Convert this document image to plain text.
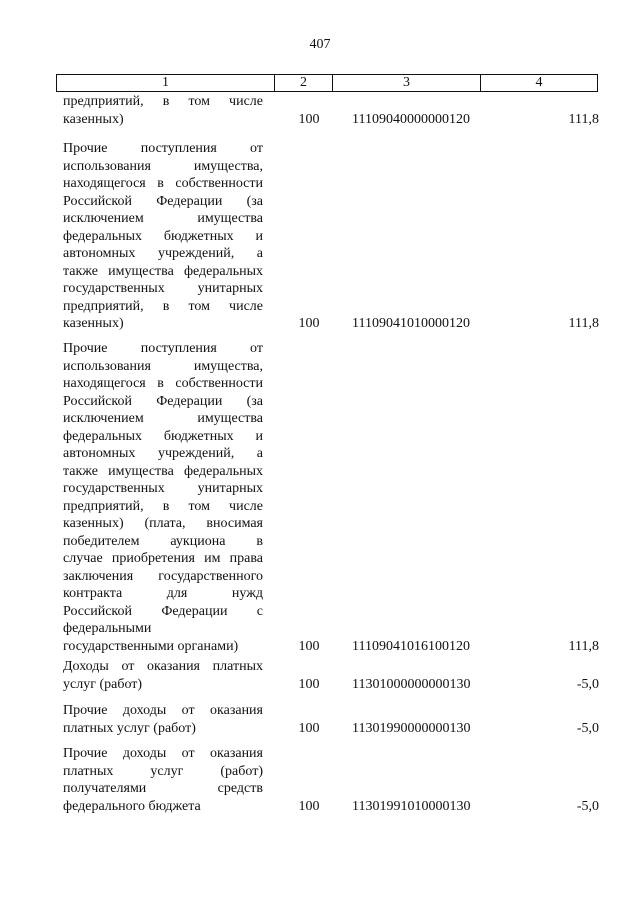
407
1	2	3	4
предприятий, в том числе
казенных)	100 11109040000000120	111,8
Прочие поступления от
использования имущества,
находящегося в собственности
Российской Федерации (за
исключением имущества
федеральных бюджетных и
автономных учреждений, а
также имущества федеральных
государственных унитарных
предприятий, в том числе
казенных)	100 11109041010000120	111,8
Прочие поступления от
использования имущества,
находящегося в собственности
Российской Федерации (за
исключением имущества
федеральных бюджетных и
автономных учреждений, а
также имущества федеральных
государственных унитарных
предприятий, в том числе
казенных) (плата, вносимая
победителем аукциона в
случае приобретения им права
заключения государственного
контракта для нужд
Российской Федерации с
федеральными
государственными органами)	100 11109041016100120	111,8
Доходы от оказания платных
услуг (работ)	100 11301000000000130	-5,0
Прочие доходы от оказания
платных услуг (работ)	100 11301990000000130	-5,0
Прочие доходы от оказания
платных услуг (работ)
получателями средств
федерального бюджета	100 11301991010000130	-5,0
